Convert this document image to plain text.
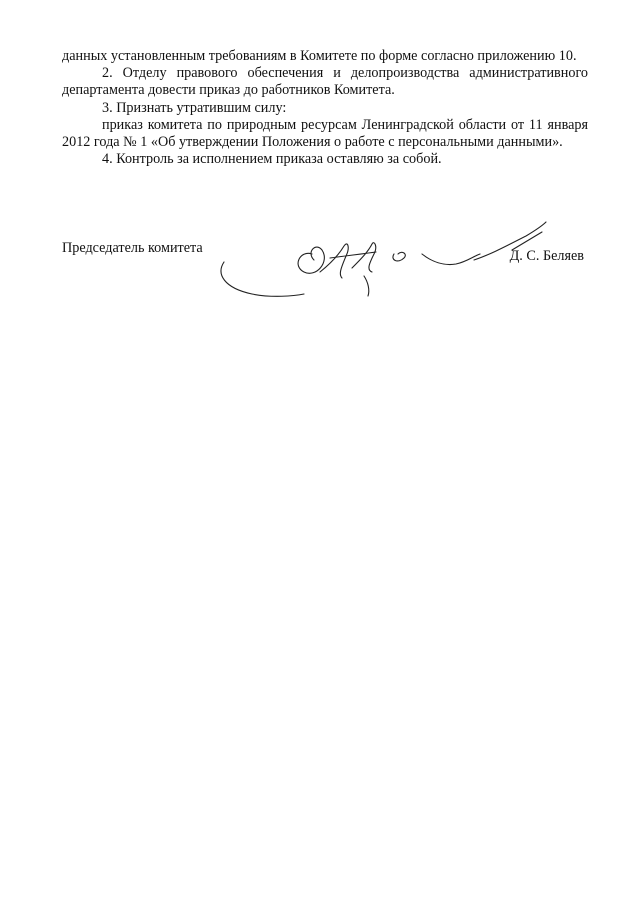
данных установленным требованиям в Комитете по форме согласно приложению 10.

2. Отделу правового обеспечения и делопроизводства административного департамента довести приказ до работников Комитета.

3. Признать утратившим силу:

приказ комитета по природным ресурсам Ленинградской области от 11 января 2012 года № 1 «Об утверждении Положения о работе с персональными данными».

4. Контроль за исполнением приказа оставляю за собой.

Председатель комитета	Д. С. Беляев
